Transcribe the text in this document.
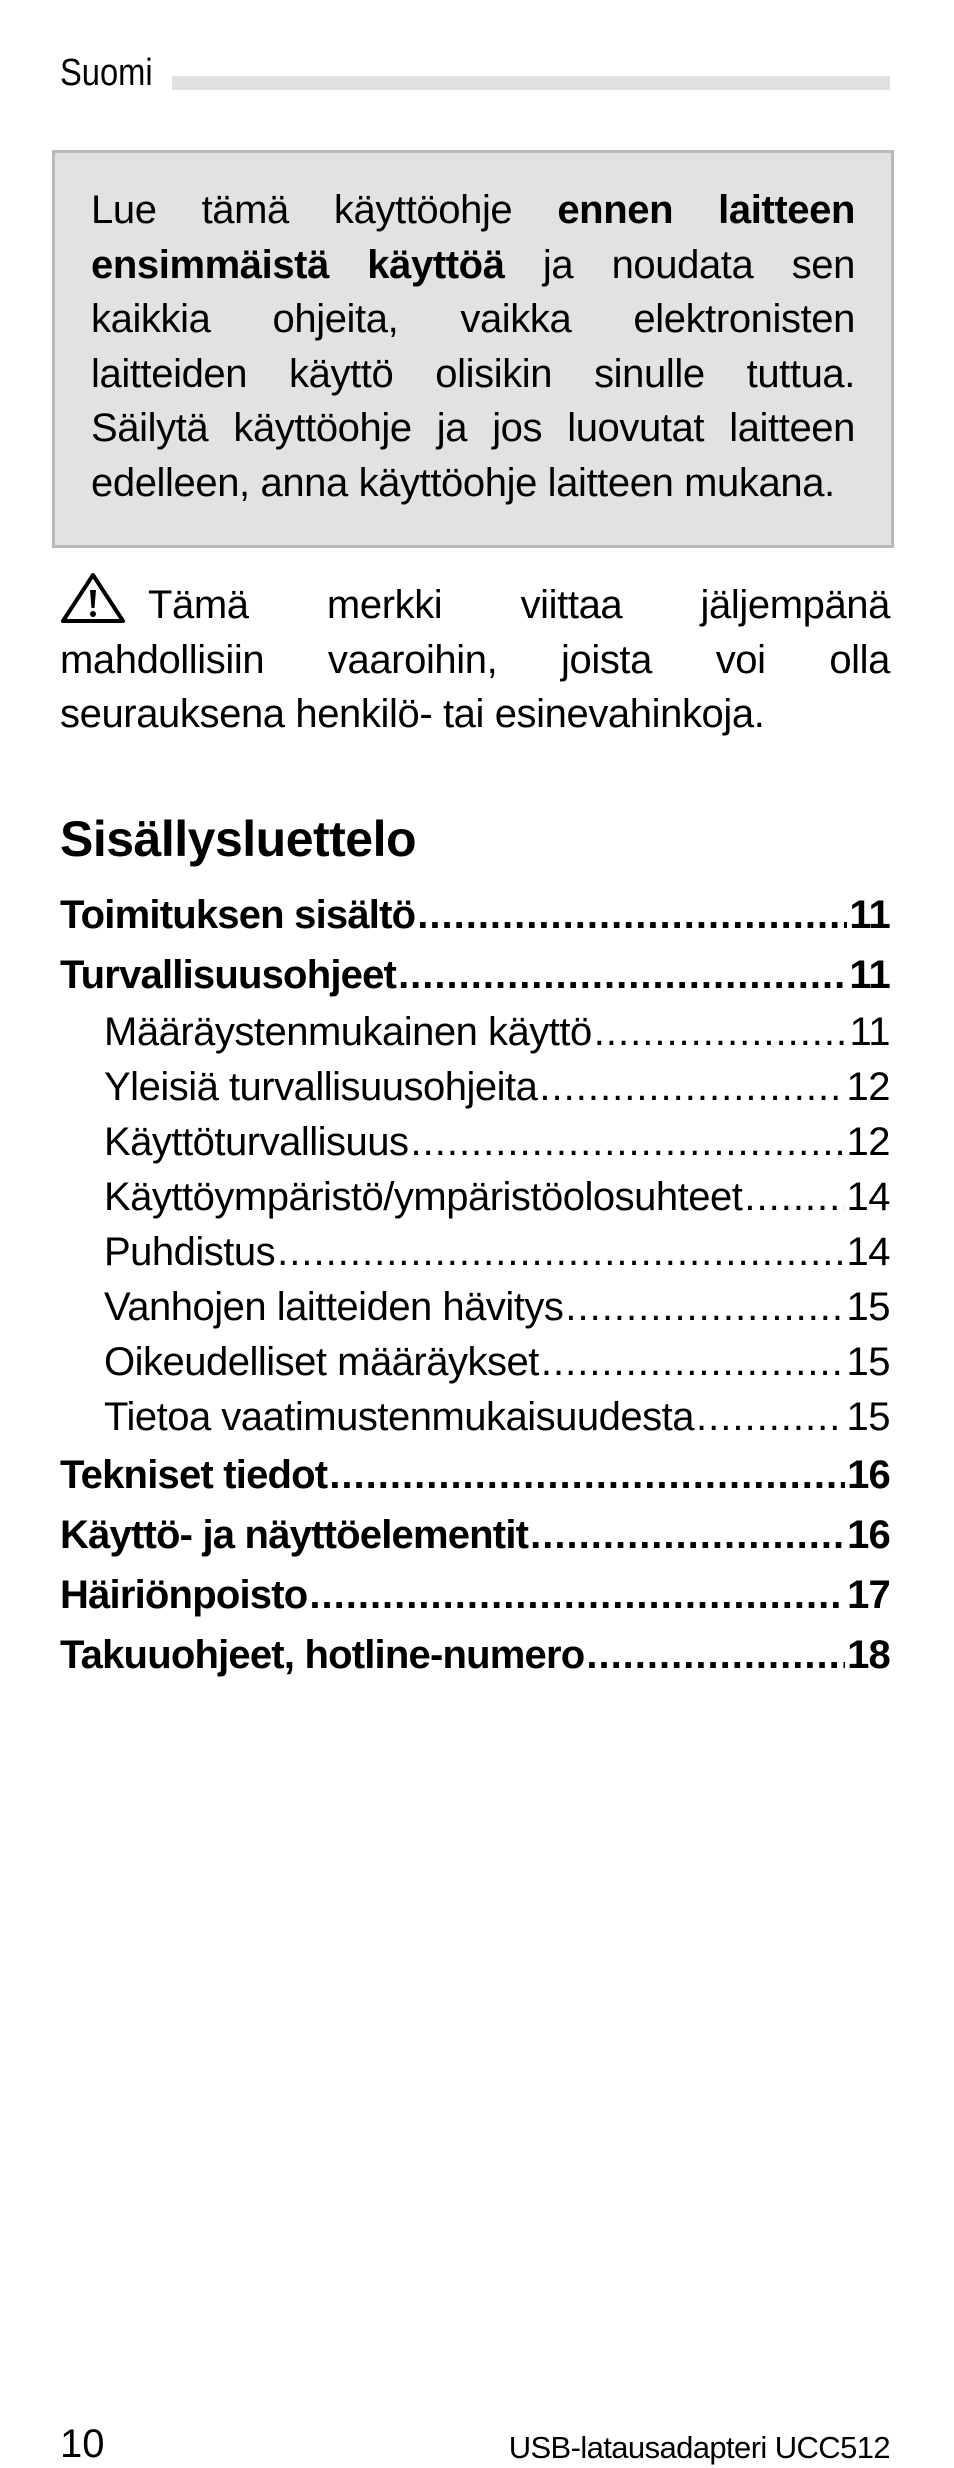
Suomi

Lue tämä käyttöohje ennen laitteen ensimmäistä käyttöä ja noudata sen kaikkia ohjeita, vaikka elektronisten laitteiden käyttö olisikin sinulle tuttua. Säilytä käyttöohje ja jos luovutat laitteen edelleen, anna käyttöohje laitteen mukana.

Tämä merkki viittaa jäljempänä mahdollisiin vaaroihin, joista voi olla seurauksena henkilö- tai esinevahinkoja.

Sisällysluettelo
Toimituksen sisältö .....	11
Turvallisuusohjeet .....	11
Määräystenmukainen käyttö .....	11
Yleisiä turvallisuusohjeita .....	12
Käyttöturvallisuus .....	12
Käyttöympäristö/ympäristöolosuhteet .....	14
Puhdistus .....	14
Vanhojen laitteiden hävitys .....	15
Oikeudelliset määräykset .....	15
Tietoa vaatimustenmukaisuudesta .....	15
Tekniset tiedot .....	16
Käyttö- ja näyttöelementit .....	16
Häiriönpoisto .....	17
Takuuohjeet, hotline-numero .....	18
10	USB-latausadapteri UCC512
